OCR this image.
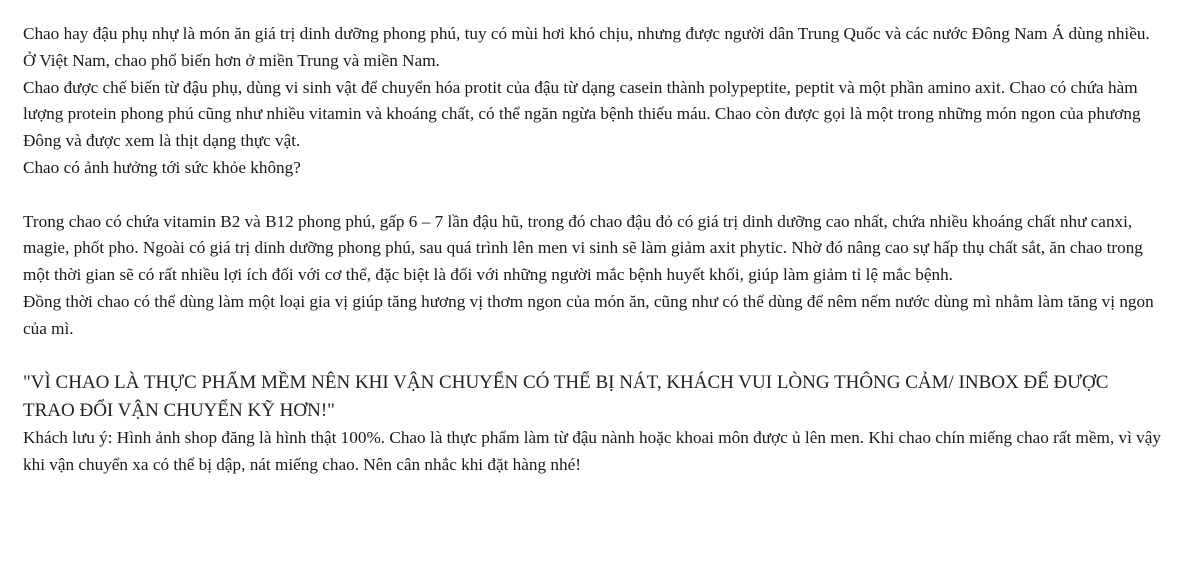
Chao hay đậu phụ nhự là món ăn giá trị dinh dưỡng phong phú, tuy có mùi hơi khó chịu, nhưng được người dân Trung Quốc và các nước Đông Nam Á dùng nhiều. Ở Việt Nam, chao phổ biến hơn ở miền Trung và miền Nam.

Chao được chế biến từ đậu phụ, dùng vi sinh vật để chuyển hóa protit của đậu từ dạng casein thành polypeptite, peptit và một phần amino axit. Chao có chứa hàm lượng protein phong phú cũng như nhiều vitamin và khoáng chất, có thể ngăn ngừa bệnh thiếu máu. Chao còn được gọi là một trong những món ngon của phương Đông và được xem là thịt dạng thực vật.

Chao có ảnh hưởng tới sức khỏe không?

Trong chao có chứa vitamin B2 và B12 phong phú, gấp 6 – 7 lần đậu hũ, trong đó chao đậu đỏ có giá trị dinh dưỡng cao nhất, chứa nhiều khoáng chất như canxi, magie, phốt pho. Ngoài có giá trị dinh dưỡng phong phú, sau quá trình lên men vi sinh sẽ làm giảm axit phytic. Nhờ đó nâng cao sự hấp thụ chất sắt, ăn chao trong một thời gian sẽ có rất nhiều lợi ích đối với cơ thể, đặc biệt là đối với những người mắc bệnh huyết khối, giúp làm giảm tỉ lệ mắc bệnh.

Đồng thời chao có thể dùng làm một loại gia vị giúp tăng hương vị thơm ngon của món ăn, cũng như có thể dùng để nêm nếm nước dùng mì nhằm làm tăng vị ngon của mì.

"VÌ CHAO LÀ THỰC PHẨM MỀM NÊN KHI VẬN CHUYỂN CÓ THỂ BỊ NÁT, KHÁCH VUI LÒNG THÔNG CẢM/ INBOX ĐỂ ĐƯỢC TRAO ĐỔI VẬN CHUYỂN KỸ HƠN!"

Khách lưu ý: Hình ảnh shop đăng là hình thật 100%. Chao là thực phẩm làm từ đậu nành hoặc khoai môn được ủ lên men. Khi chao chín miếng chao rất mềm, vì vậy khi vận chuyển xa có thể bị dập, nát miếng chao. Nên cân nhắc khi đặt hàng nhé!
